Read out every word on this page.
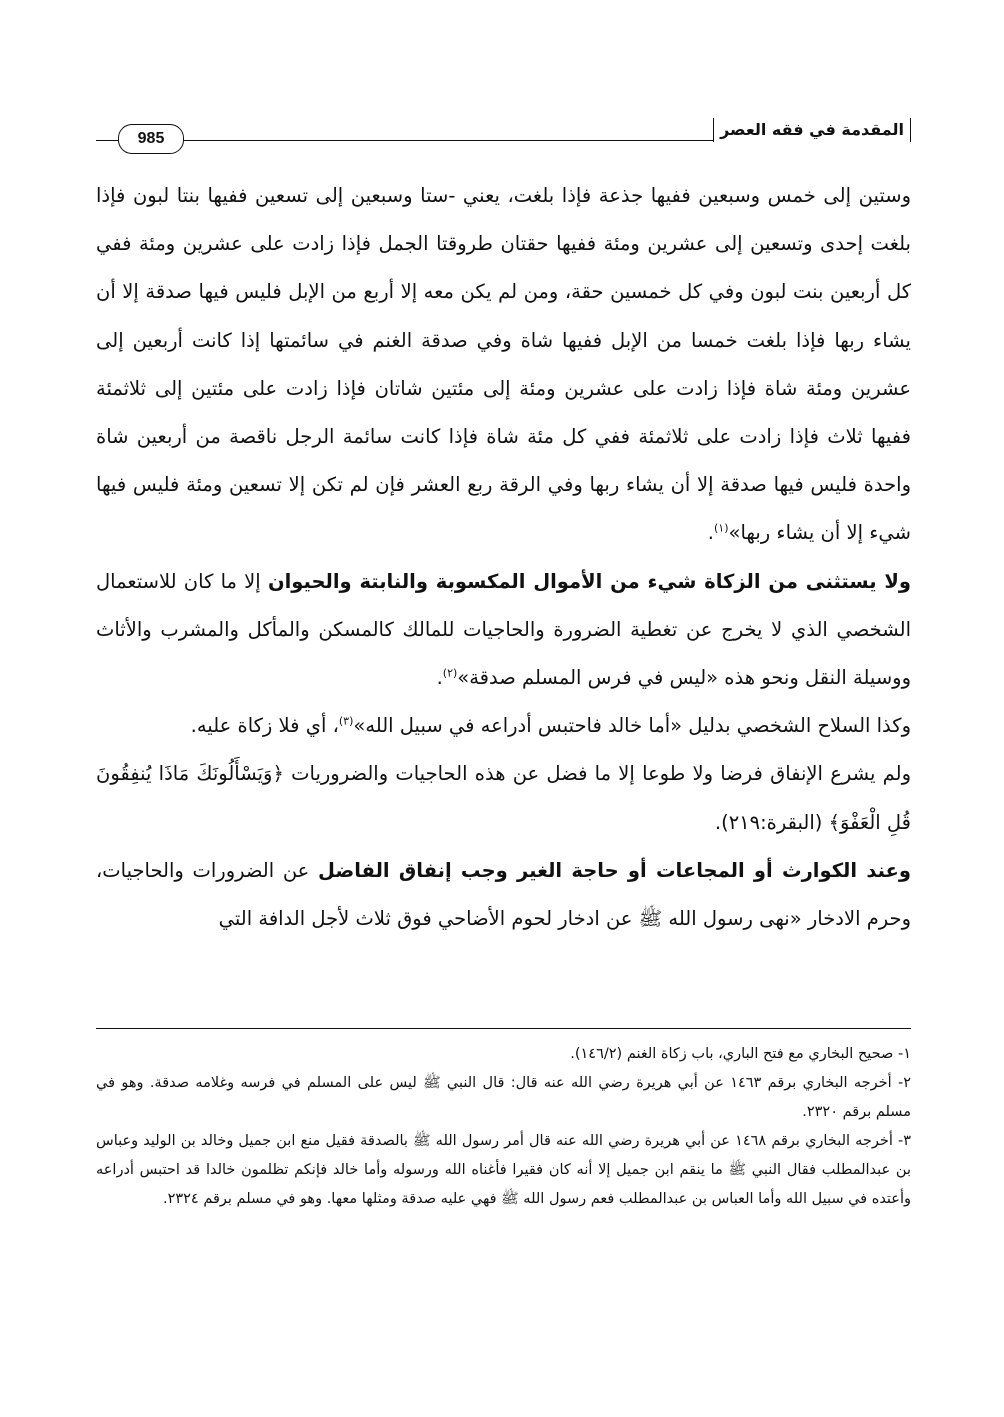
المقدمة في فقه العصر
985

وستين إلى خمس وسبعين ففيها جذعة فإذا بلغت، يعني -ستا وسبعين إلى تسعين ففيها بنتا لبون فإذا بلغت إحدى وتسعين إلى عشرين ومئة ففيها حقتان طروقتا الجمل فإذا زادت على عشرين ومئة ففي كل أربعين بنت لبون وفي كل خمسين حقة، ومن لم يكن معه إلا أربع من الإبل فليس فيها صدقة إلا أن يشاء ربها فإذا بلغت خمسا من الإبل ففيها شاة وفي صدقة الغنم في سائمتها إذا كانت أربعين إلى عشرين ومئة شاة فإذا زادت على عشرين ومئة إلى مئتين شاتان فإذا زادت على مئتين إلى ثلاثمئة ففيها ثلاث فإذا زادت على ثلاثمئة ففي كل مئة شاة فإذا كانت سائمة الرجل ناقصة من أربعين شاة واحدة فليس فيها صدقة إلا أن يشاء ربها وفي الرقة ربع العشر فإن لم تكن إلا تسعين ومئة فليس فيها شيء إلا أن يشاء ربها»$^{(١)}$.

ولا يستثنى من الزكاة شيء من الأموال المكسوبة والنابتة والحيوان إلا ما كان للاستعمال الشخصي الذي لا يخرج عن تغطية الضرورة والحاجيات للمالك كالمسكن والمأكل والمشرب والأثاث ووسيلة النقل ونحو هذه «ليس في فرس المسلم صدقة»$^{(٢)}$.

وكذا السلاح الشخصي بدليل «أما خالد فاحتبس أدراعه في سبيل الله»$^{(٣)}$، أي فلا زكاة عليه.

ولم يشرع الإنفاق فرضا ولا طوعا إلا ما فضل عن هذه الحاجيات والضروريات ﴿وَيَسْأَلُونَكَ مَاذَا يُنفِقُونَ قُلِ الْعَفْوَ﴾ (البقرة:٢١٩).

وعند الكوارث أو المجاعات أو حاجة الغير وجب إنفاق الفاضل عن الضرورات والحاجيات، وحرم الادخار «نهى رسول الله ﷺ عن ادخار لحوم الأضاحي فوق ثلاث لأجل الدافة التي

١- صحيح البخاري مع فتح الباري، باب زكاة الغنم (١٤٦/٢).

٢- أخرجه البخاري برقم ١٤٦٣ عن أبي هريرة رضي الله عنه قال: قال النبي ﷺ ليس على المسلم في فرسه وغلامه صدقة. وهو في مسلم برقم ٢٣٢٠.

٣- أخرجه البخاري برقم ١٤٦٨ عن أبي هريرة رضي الله عنه قال أمر رسول الله ﷺ بالصدقة فقيل منع ابن جميل وخالد بن الوليد وعباس بن عبدالمطلب فقال النبي ﷺ ما ينقم ابن جميل إلا أنه كان فقيرا فأغناه الله ورسوله وأما خالد فإنكم تظلمون خالدا قد احتبس أدراعه وأعتده في سبيل الله وأما العباس بن عبدالمطلب فعم رسول الله ﷺ فهي عليه صدقة ومثلها معها. وهو في مسلم برقم ٢٣٢٤.
